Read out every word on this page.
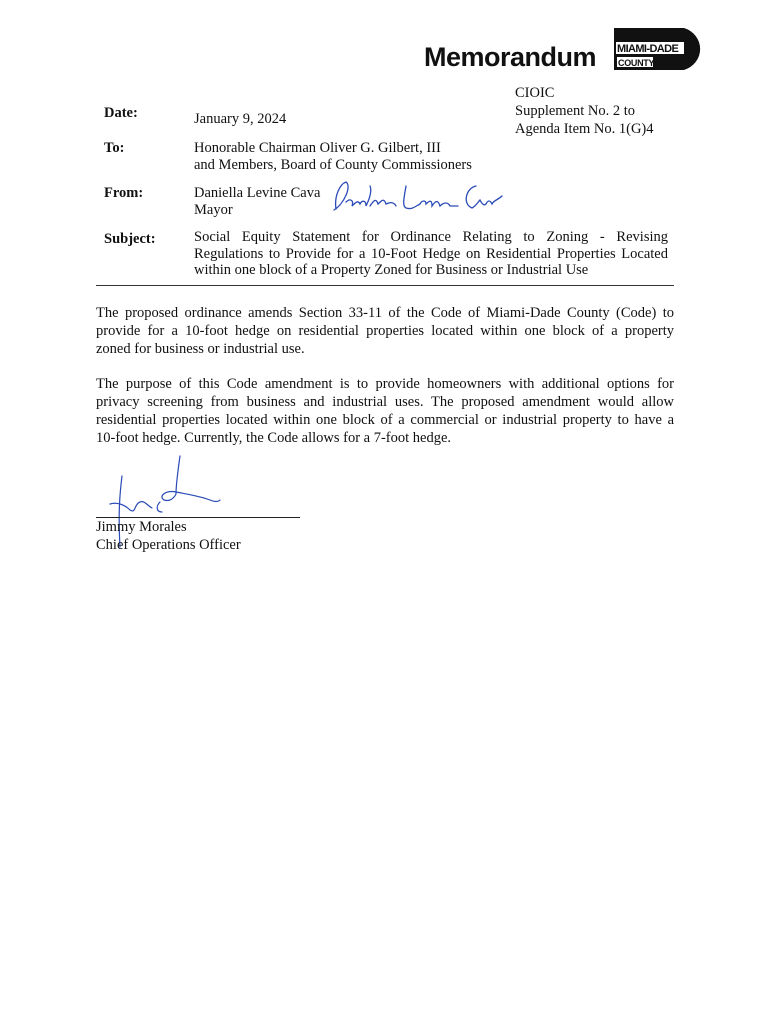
Memorandum MIAMI-DADE
COUNTY
CIOIC
Supplement No. 2 to
Agenda Item No. 1(G)4
Date:	January 9, 2024
To:	Honorable Chairman Oliver G. Gilbert, III
and Members, Board of County Commissioners
From:	Daniella Levine Cava
Mayor
Subject:	Social Equity Statement for Ordinance Relating to Zoning - Revising
Regulations to Provide for a 10-Foot Hedge on Residential Properties Located
within one block of a Property Zoned for Business or Industrial Use
The proposed ordinance amends Section 33-11 of the Code of Miami-Dade County (Code) to
provide for a 10-foot hedge on residential properties located within one block of a property
zoned for business or industrial use.
The purpose of this Code amendment is to provide homeowners with additional options for
privacy screening from business and industrial uses. The proposed amendment would allow
residential properties located within one block of a commercial or industrial property to have a
10-foot hedge. Currently, the Code allows for a 7-foot hedge.
Jimmy Morales
Chief Operations Officer
